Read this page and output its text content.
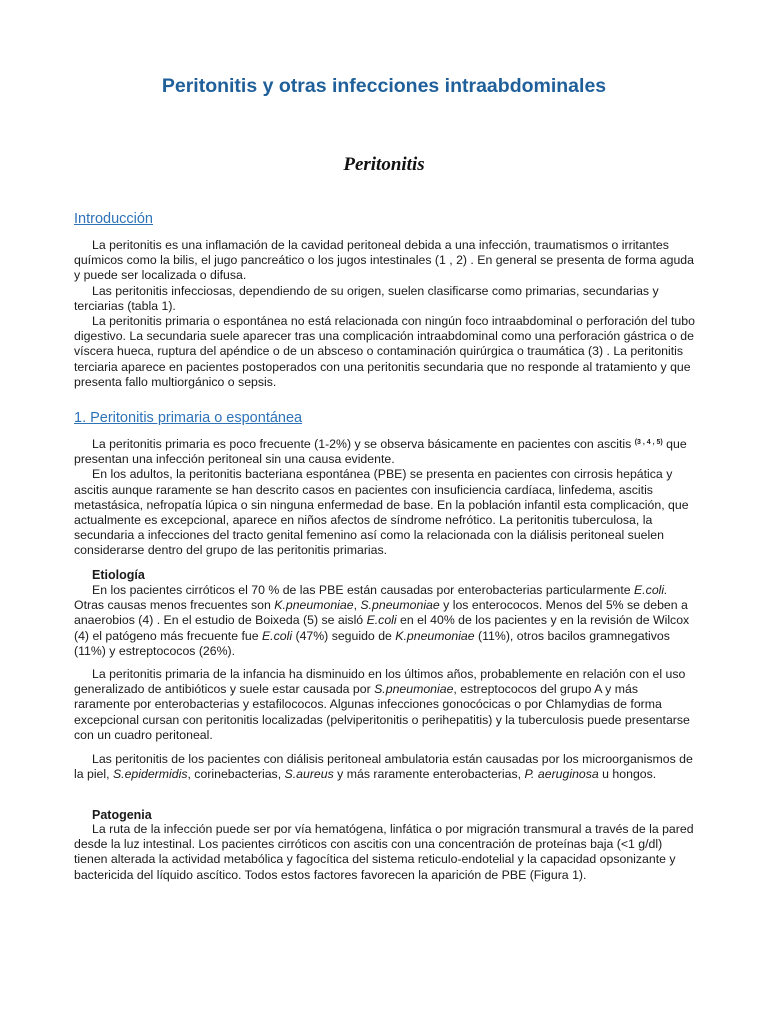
Peritonitis y otras infecciones intraabdominales
Peritonitis
Introducción

La peritonitis es una inflamación de la cavidad peritoneal debida a una infección, traumatismos o irritantes químicos como la bilis, el jugo pancreático o los jugos intestinales (1 , 2) . En general se presenta de forma aguda y puede ser localizada o difusa.

Las peritonitis infecciosas, dependiendo de su origen, suelen clasificarse como primarias, secundarias y terciarias (tabla 1).

La peritonitis primaria o espontánea no está relacionada con ningún foco intraabdominal o perforación del tubo digestivo. La secundaria suele aparecer tras una complicación intraabdominal como una perforación gástrica o de víscera hueca, ruptura del apéndice o de un absceso o contaminación quirúrgica o traumática (3) . La peritonitis terciaria aparece en pacientes postoperados con una peritonitis secundaria que no responde al tratamiento y que presenta fallo multiorgánico o sepsis.

1. Peritonitis primaria o espontánea

La peritonitis primaria es poco frecuente (1-2%) y se observa básicamente en pacientes con ascitis $^{(3 , 4 , 5)}$ que presentan una infección peritoneal sin una causa evidente.

En los adultos, la peritonitis bacteriana espontánea (PBE) se presenta en pacientes con cirrosis hepática y ascitis aunque raramente se han descrito casos en pacientes con insuficiencia cardíaca, linfedema, ascitis metastásica, nefropatía lúpica o sin ninguna enfermedad de base. En la población infantil esta complicación, que actualmente es excepcional, aparece en niños afectos de síndrome nefrótico. La peritonitis tuberculosa, la secundaria a infecciones del tracto genital femenino así como la relacionada con la diálisis peritoneal suelen considerarse dentro del grupo de las peritonitis primarias.

Etiología

En los pacientes cirróticos el 70 % de las PBE están causadas por enterobacterias particularmente E.coli. Otras causas menos frecuentes son K.pneumoniae, S.pneumoniae y los enterococos. Menos del 5% se deben a anaerobios (4) . En el estudio de Boixeda (5) se aisló E.coli en el 40% de los pacientes y en la revisión de Wilcox (4) el patógeno más frecuente fue E.coli (47%) seguido de K.pneumoniae (11%), otros bacilos gramnegativos (11%) y estreptococos (26%).

La peritonitis primaria de la infancia ha disminuido en los últimos años, probablemente en relación con el uso generalizado de antibióticos y suele estar causada por S.pneumoniae, estreptococos del grupo A y más raramente por enterobacterias y estafilococos. Algunas infecciones gonocócicas o por Chlamydias de forma excepcional cursan con peritonitis localizadas (pelviperitonitis o perihepatitis) y la tuberculosis puede presentarse con un cuadro peritoneal.

Las peritonitis de los pacientes con diálisis peritoneal ambulatoria están causadas por los microorganismos de la piel, S.epidermidis, corinebacterias, S.aureus y más raramente enterobacterias, P. aeruginosa u hongos.

Patogenia

La ruta de la infección puede ser por vía hematógena, linfática o por migración transmural a través de la pared desde la luz intestinal. Los pacientes cirróticos con ascitis con una concentración de proteínas baja (<1 g/dl) tienen alterada la actividad metabólica y fagocítica del sistema reticulo-endotelial y la capacidad opsonizante y bactericida del líquido ascítico. Todos estos factores favorecen la aparición de PBE (Figura 1).
